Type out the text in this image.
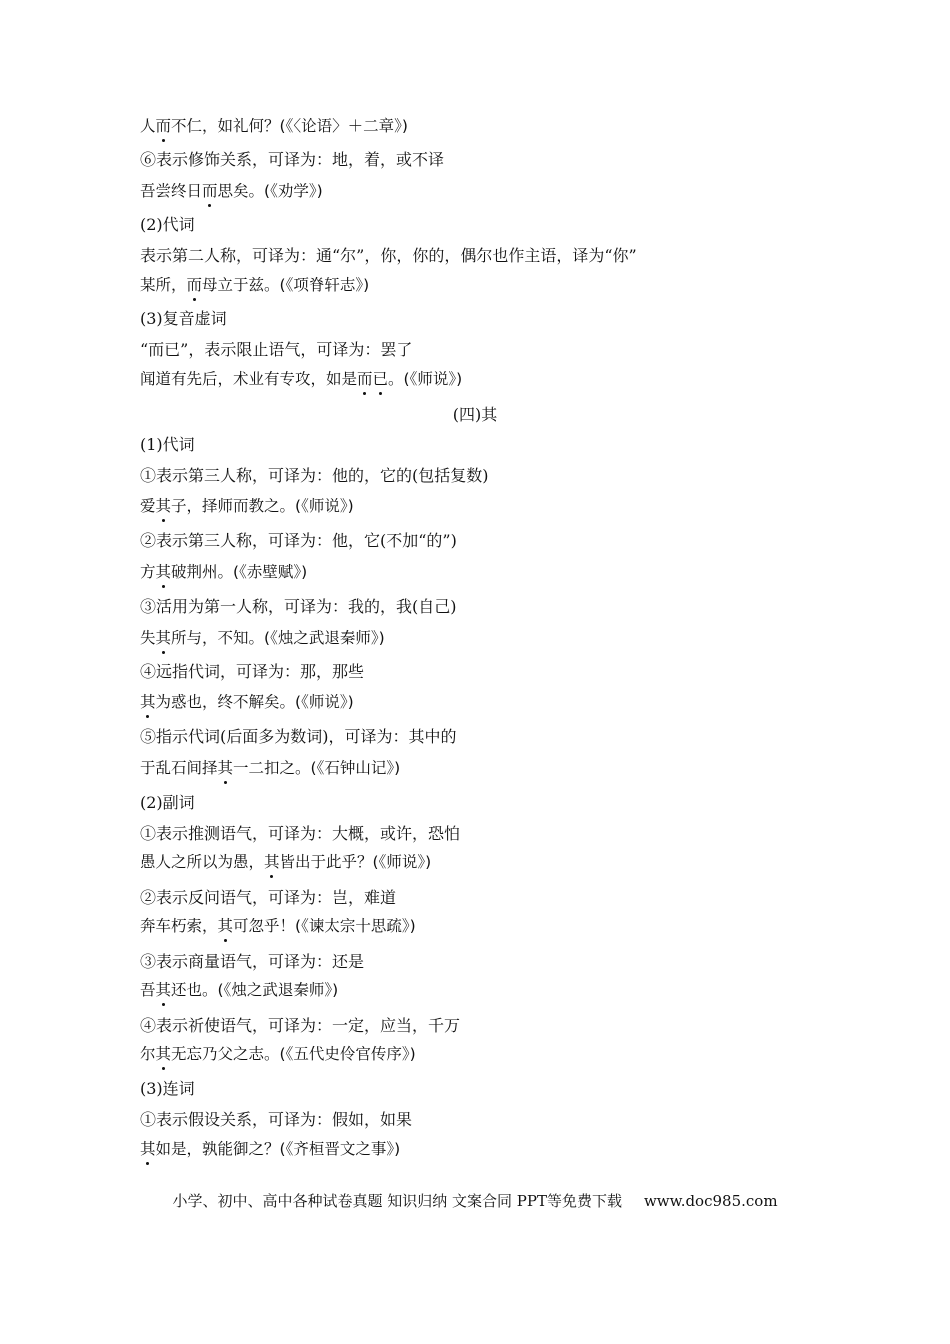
人而不仁，如礼何？(《〈论语〉＋二章》)
⑥表示修饰关系，可译为：地，着，或不译
吾尝终日而思矣。(《劝学》)
(2)代词
表示第二人称，可译为：通“尔”，你，你的，偶尔也作主语，译为“你”
某所，而母立于兹。(《项脊轩志》)
(3)复音虚词
“而已”，表示限止语气，可译为：罢了
闻道有先后，术业有专攻，如是而已。(《师说》)
(四)其
(1)代词
①表示第三人称，可译为：他的，它的(包括复数)
爱其子，择师而教之。(《师说》)
②表示第三人称，可译为：他，它(不加“的”)
方其破荆州。(《赤壁赋》)
③活用为第一人称，可译为：我的，我(自己)
失其所与，不知。(《烛之武退秦师》)
④远指代词，可译为：那，那些
其为惑也，终不解矣。(《师说》)
⑤指示代词(后面多为数词)，可译为：其中的
于乱石间择其一二扣之。(《石钟山记》)
(2)副词
①表示推测语气，可译为：大概，或许，恐怕
愚人之所以为愚，其皆出于此乎？(《师说》)
②表示反问语气，可译为：岂，难道
奔车朽索，其可忽乎！(《谏太宗十思疏》)
③表示商量语气，可译为：还是
吾其还也。(《烛之武退秦师》)
④表示祈使语气，可译为：一定，应当，千万
尔其无忘乃父之志。(《五代史伶官传序》)
(3)连词
①表示假设关系，可译为：假如，如果
其如是，孰能御之？(《齐桓晋文之事》)
小学、初中、高中各种试卷真题 知识归纳 文案合同 PPT等免费下载 www.doc985.com
